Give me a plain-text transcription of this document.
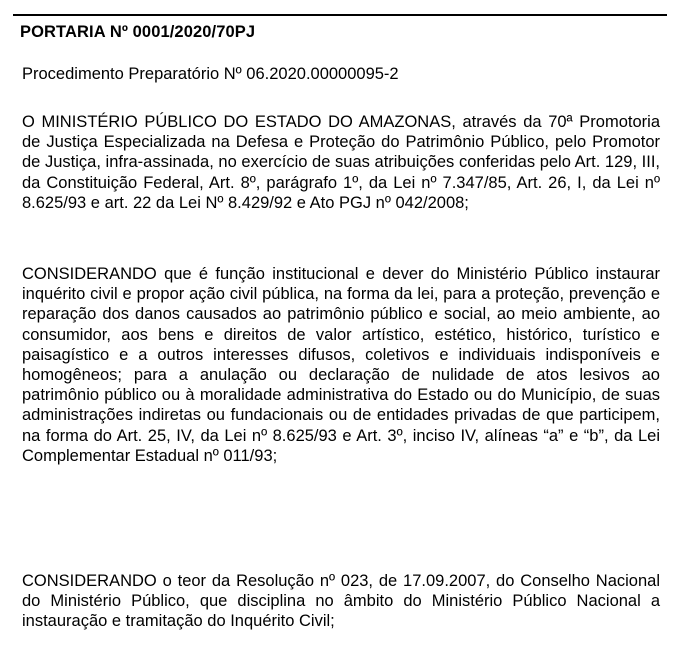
PORTARIA Nº 0001/2020/70PJ

Procedimento Preparatório Nº 06.2020.00000095-2

O MINISTÉRIO PÚBLICO DO ESTADO DO AMAZONAS, através da 70ª Promotoria de Justiça Especializada na Defesa e Proteção do Patrimônio Público, pelo Promotor de Justiça, infra-assinada, no exercício de suas atribuições conferidas pelo Art. 129, III, da Constituição Federal, Art. 8º, parágrafo 1º, da Lei nº 7.347/85, Art. 26, I, da Lei nº 8.625/93 e art. 22 da Lei Nº 8.429/92 e Ato PGJ nº 042/2008;

CONSIDERANDO que é função institucional e dever do Ministério Público instaurar inquérito civil e propor ação civil pública, na forma da lei, para a proteção, prevenção e reparação dos danos causados ao patrimônio público e social, ao meio ambiente, ao consumidor, aos bens e direitos de valor artístico, estético, histórico, turístico e paisagístico e a outros interesses difusos, coletivos e individuais indisponíveis e homogêneos; para a anulação ou declaração de nulidade de atos lesivos ao patrimônio público ou à moralidade administrativa do Estado ou do Município, de suas administrações indiretas ou fundacionais ou de entidades privadas de que participem, na forma do Art. 25, IV, da Lei nº 8.625/93 e Art. 3º, inciso IV, alíneas “a” e “b”, da Lei Complementar Estadual nº 011/93;

CONSIDERANDO o teor da Resolução nº 023, de 17.09.2007, do Conselho Nacional do Ministério Público, que disciplina no âmbito do Ministério Público Nacional a instauração e tramitação do Inquérito Civil;
